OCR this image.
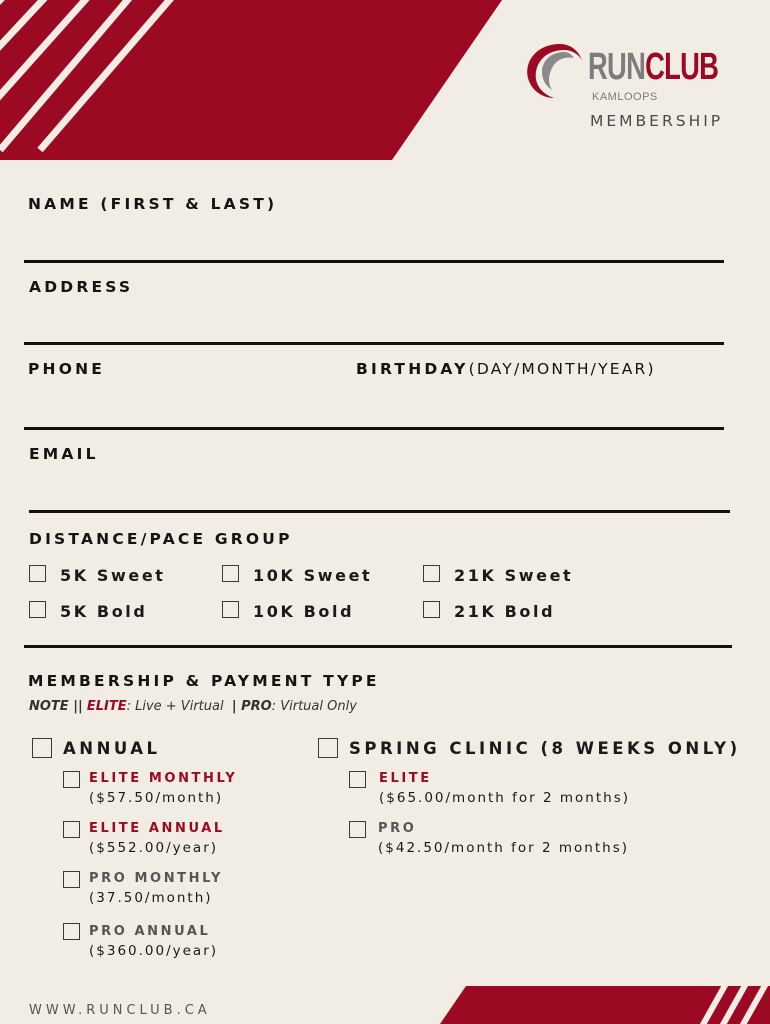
RUNCLUB
KAMLOOPS
MEMBERSHIP
NAME (FIRST & LAST)
ADDRESS
PHONE	BIRTHDAY(DAY/MONTH/YEAR)
EMAIL
DISTANCE/PACE GROUP
5K Sweet	10K Sweet	21K Sweet
5K Bold	10K Bold	21K Bold
MEMBERSHIP & PAYMENT TYPE
NOTE || ELITE: Live + Virtual | PRO: Virtual Only
ANNUAL
ELITE MONTHLY
($57.50/month)
ELITE ANNUAL
($552.00/year)
PRO MONTHLY
(37.50/month)
PRO ANNUAL
($360.00/year)
SPRING CLINIC (8 WEEKS ONLY)
ELITE
($65.00/month for 2 months)
PRO
($42.50/month for 2 months)
WWW.RUNCLUB.CA
